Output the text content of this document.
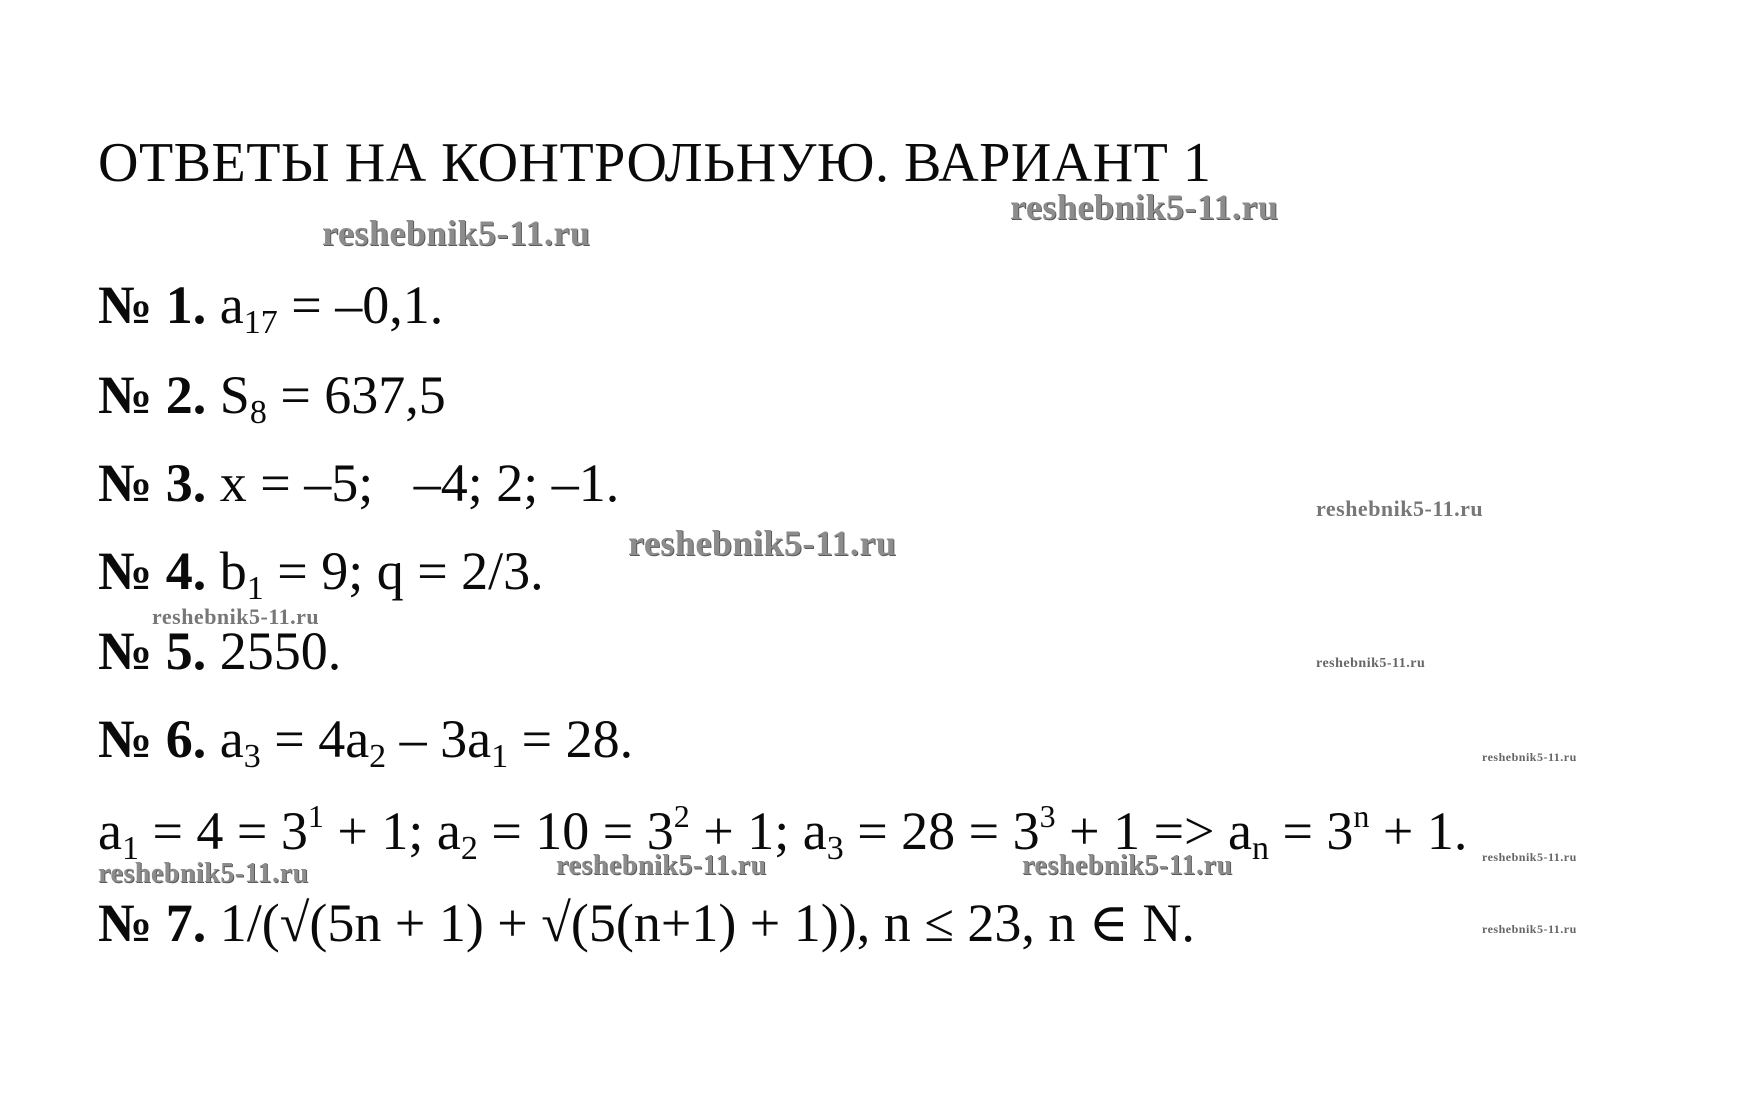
ОТВЕТЫ НА КОНТРОЛЬНУЮ. ВАРИАНТ 1
reshebnik5-11.ru
reshebnik5-11.ru
reshebnik5-11.ru
reshebnik5-11.ru
reshebnik5-11.ru
reshebnik5-11.ru
reshebnik5-11.ru
reshebnik5-11.ru	reshebnik5-11.ru	reshebnik5-11.ru	reshebnik5-11.ru
reshebnik5-11.ru
№ 1. $a_{17} = -0,1$.
№ 2. $S_8 = 637,5$
№ 3. x = –5;   –4; 2; –1.
№ 4. $b_1 = 9$; q = 2/3.
№ 5. 2550.
№ 6. $a_3 = 4a_2 - 3a_1 = 28$.
$a_1 = 4 = 3^1 + 1$; $a_2 = 10 = 3^2 + 1$; $a_3 = 28 = 3^3 + 1 => a_n = 3^n + 1$.
№ 7. 1/(√(5n + 1) + √(5(n+1) + 1)), n ≤ 23, n ∈ N.
